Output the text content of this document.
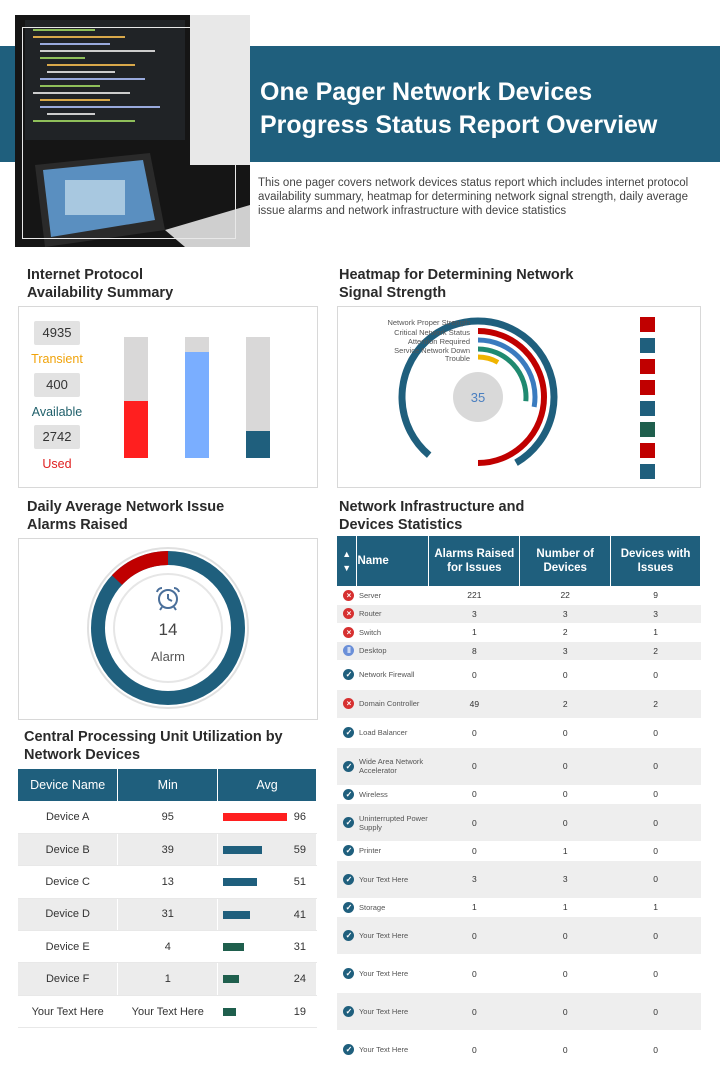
One Pager Network Devices Progress Status Report Overview
This one pager covers network devices status report which includes internet protocol availability summary, heatmap for determining network signal strength, daily average issue alarms and network infrastructure with device statistics
Internet Protocol
Availability Summary
4935
Transient
400
Available
2742
Used
Heatmap for Determining Network
Signal Strength
35
Network Proper Strength
Critical Network Status
Attention Required
Service Network Down
Trouble
Daily Average Network Issue
Alarms Raised
14
Alarm
Central Processing Unit Utilization by
Network Devices
Device Name	Min	Avg
Device A	95	96

Device B	39	59

Device C	13	51

Device D	31	41

Device E	4	31

Device F	1	24

Your Text Here	Your Text Here	19
Network Infrastructure and
Devices Statistics
▲
▼	Name	Alarms Raised for Issues	Number of Devices	Devices with Issues
×	Server	221	22	9
×	Router	3	3	3
×	Switch	1	2	1
‖	Desktop	8	3	2
✓	Network Firewall	0	0	0
×	Domain Controller	49	2	2
✓	Load Balancer	0	0	0
✓	Wide Area Network Accelerator	0	0	0
✓	Wireless	0	0	0
✓	Uninterrupted Power Supply	0	0	0
✓	Printer	0	1	0
✓	Your Text Here	3	3	0
✓	Storage	1	1	1
✓	Your Text Here	0	0	0
✓	Your Text Here	0	0	0
✓	Your Text Here	0	0	0
✓	Your Text Here	0	0	0
